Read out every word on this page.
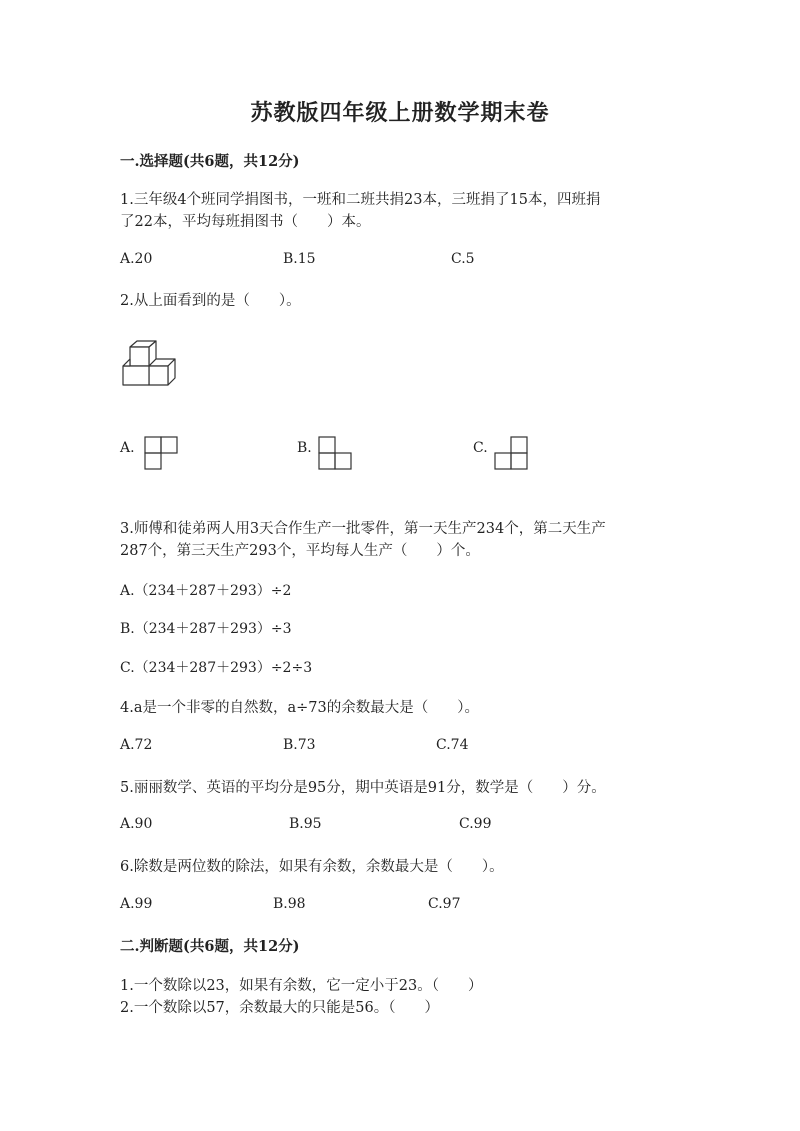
苏教版四年级上册数学期末卷
一.选择题(共6题，共12分)
1.三年级4个班同学捐图书，一班和二班共捐23本，三班捐了15本，四班捐
了22本，平均每班捐图书（　　）本。
A.20	B.15	C.5
2.从上面看到的是（　　）。
A.	B.	C.
3.师傅和徒弟两人用3天合作生产一批零件，第一天生产234个，第二天生产
287个，第三天生产293个，平均每人生产（　　）个。
A.（234＋287＋293）÷2
B.（234＋287＋293）÷3
C.（234＋287＋293）÷2÷3
4.a是一个非零的自然数，a÷73的余数最大是（　　）。
A.72	B.73	C.74
5.丽丽数学、英语的平均分是95分，期中英语是91分，数学是（　　）分。
A.90	B.95	C.99
6.除数是两位数的除法，如果有余数，余数最大是（　　）。
A.99	B.98	C.97
二.判断题(共6题，共12分)
1.一个数除以23，如果有余数，它一定小于23。（　　）
2.一个数除以57，余数最大的只能是56。（　　）
